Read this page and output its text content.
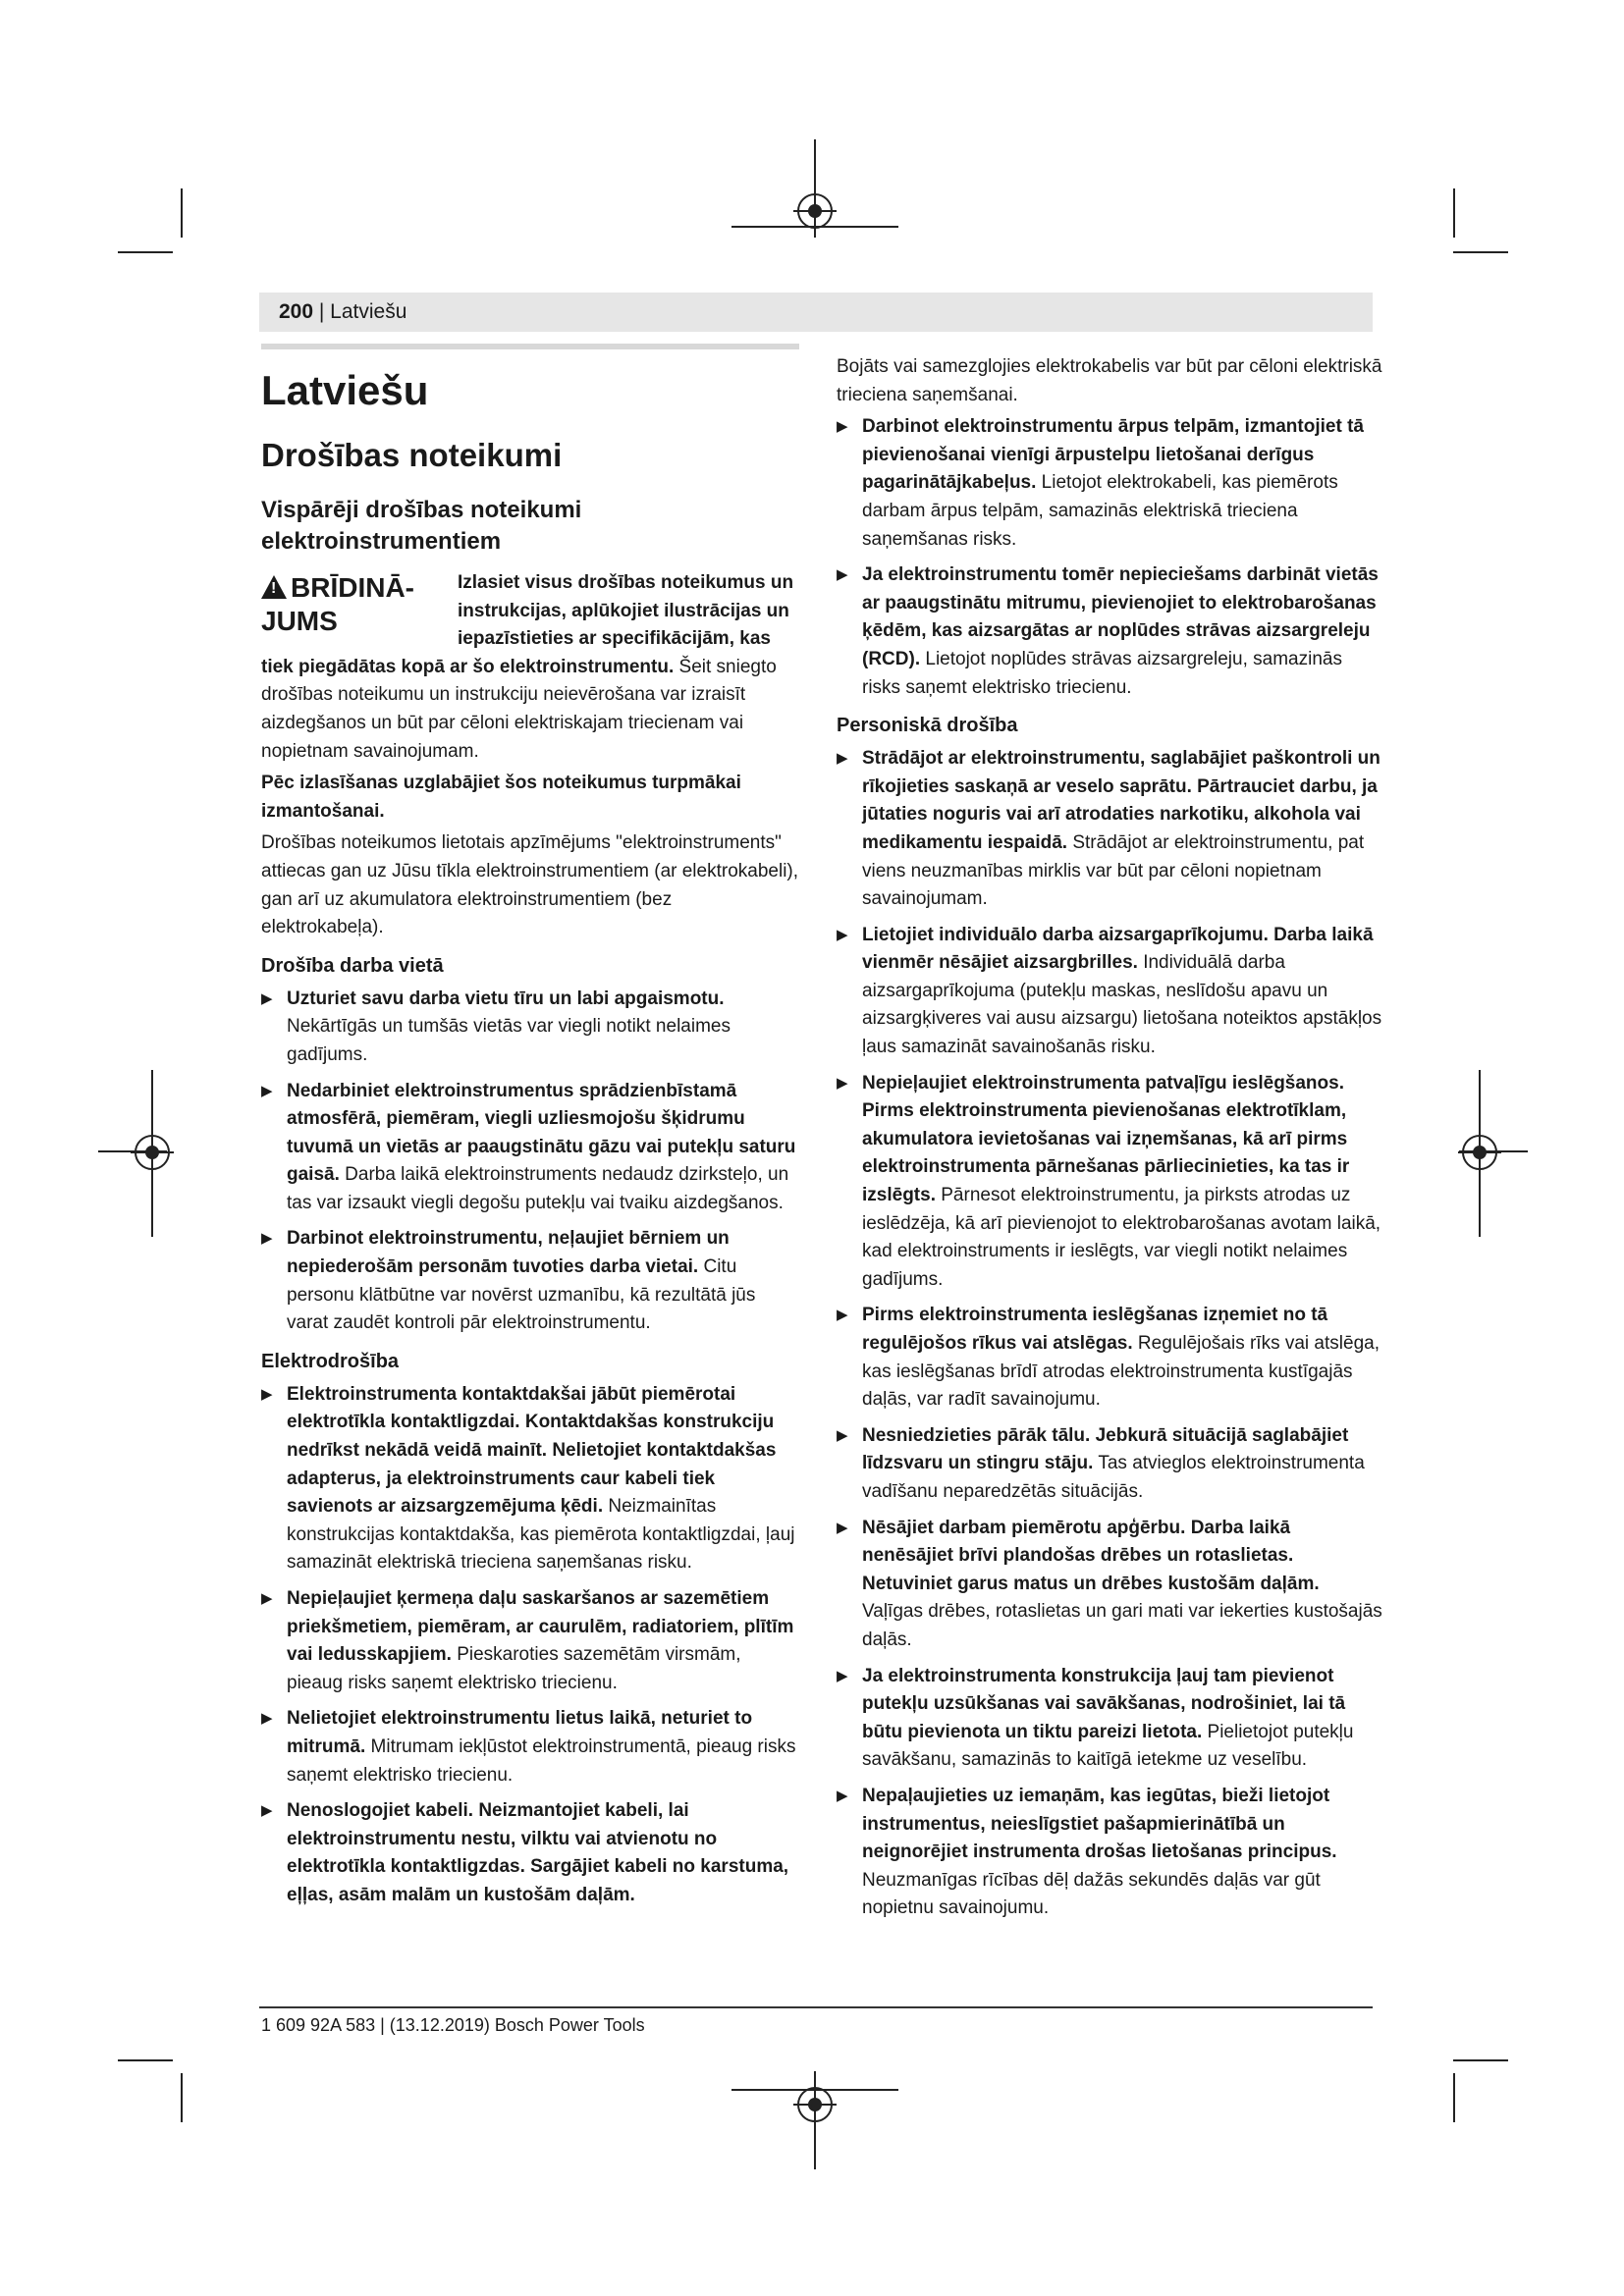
200 | Latviešu
Latviešu
Drošības noteikumi
Vispārēji drošības noteikumi elektroinstrumentiem
! BRĪDINĀ-JUMS

Izlasiet visus drošības noteikumus un instrukcijas, aplūkojiet ilustrācijas un iepazīstieties ar specifikācijām, kas tiek piegādātas kopā ar šo elektroinstrumentu. Šeit sniegto drošības noteikumu un instrukciju neievērošana var izraisīt aizdegšanos un būt par cēloni elektriskajam triecienam vai nopietnam savainojumam.

Pēc izlasīšanas uzglabājiet šos noteikumus turpmākai izmantošanai.

Drošības noteikumos lietotais apzīmējums "elektroinstruments" attiecas gan uz Jūsu tīkla elektroinstrumentiem (ar elektrokabeli), gan arī uz akumulatora elektroinstrumentiem (bez elektrokabeļa).

Drošība darba vietā
▶ Uzturiet savu darba vietu tīru un labi apgaismotu. Nekārtīgās un tumšās vietās var viegli notikt nelaimes gadījums.
▶ Nedarbiniet elektroinstrumentus sprādzienbīstamā atmosfērā, piemēram, viegli uzliesmojošu šķidrumu tuvumā un vietās ar paaugstinātu gāzu vai putekļu saturu gaisā. Darba laikā elektroinstruments nedaudz dzirksteļo, un tas var izsaukt viegli degošu putekļu vai tvaiku aizdegšanos.
▶ Darbinot elektroinstrumentu, neļaujiet bērniem un nepiederošām personām tuvoties darba vietai. Citu personu klātbūtne var novērst uzmanību, kā rezultātā jūs varat zaudēt kontroli pār elektroinstrumentu.
Elektrodrošība
▶ Elektroinstrumenta kontaktdakšai jābūt piemērotai elektrotīkla kontaktligzdai. Kontaktdakšas konstrukciju nedrīkst nekādā veidā mainīt. Nelietojiet kontaktdakšas adapterus, ja elektroinstruments caur kabeli tiek savienots ar aizsargzemējuma ķēdi. Neizmainītas konstrukcijas kontaktdakša, kas piemērota kontaktligzdai, ļauj samazināt elektriskā trieciena saņemšanas risku.
▶ Nepieļaujiet ķermeņa daļu saskaršanos ar sazemētiem priekšmetiem, piemēram, ar caurulēm, radiatoriem, plītīm vai ledusskapjiem. Pieskaroties sazemētām virsmām, pieaug risks saņemt elektrisko triecienu.
▶ Nelietojiet elektroinstrumentu lietus laikā, neturiet to mitrumā. Mitrumam iekļūstot elektroinstrumentā, pieaug risks saņemt elektrisko triecienu.
▶ Nenoslogojiet kabeli. Neizmantojiet kabeli, lai elektroinstrumentu nestu, vilktu vai atvienotu no elektrotīkla kontaktligzdas. Sargājiet kabeli no karstuma, eļļas, asām malām un kustošām daļām.

Bojāts vai samezglojies elektrokabelis var būt par cēloni elektriskā trieciena saņemšanai.

▶ Darbinot elektroinstrumentu ārpus telpām, izmantojiet tā pievienošanai vienīgi ārpustelpu lietošanai derīgus pagarinātājkabeļus. Lietojot elektrokabeli, kas piemērots darbam ārpus telpām, samazinās elektriskā trieciena saņemšanas risks.
▶ Ja elektroinstrumentu tomēr nepieciešams darbināt vietās ar paaugstinātu mitrumu, pievienojiet to elektrobarošanas ķēdēm, kas aizsargātas ar noplūdes strāvas aizsargreleju (RCD). Lietojot noplūdes strāvas aizsargreleju, samazinās risks saņemt elektrisko triecienu.
Personiskā drošība
▶ Strādājot ar elektroinstrumentu, saglabājiet paškontroli un rīkojieties saskaņā ar veselo saprātu. Pārtrauciet darbu, ja jūtaties noguris vai arī atrodaties narkotiku, alkohola vai medikamentu iespaidā. Strādājot ar elektroinstrumentu, pat viens neuzmanības mirklis var būt par cēloni nopietnam savainojumam.
▶ Lietojiet individuālo darba aizsargaprīkojumu. Darba laikā vienmēr nēsājiet aizsargbrilles. Individuālā darba aizsargaprīkojuma (putekļu maskas, neslīdošu apavu un aizsargķiveres vai ausu aizsargu) lietošana noteiktos apstākļos ļaus samazināt savainošanās risku.
▶ Nepieļaujiet elektroinstrumenta patvaļīgu ieslēgšanos. Pirms elektroinstrumenta pievienošanas elektrotīklam, akumulatora ievietošanas vai izņemšanas, kā arī pirms elektroinstrumenta pārnešanas pārliecinieties, ka tas ir izslēgts. Pārnesot elektroinstrumentu, ja pirksts atrodas uz ieslēdzēja, kā arī pievienojot to elektrobarošanas avotam laikā, kad elektroinstruments ir ieslēgts, var viegli notikt nelaimes gadījums.
▶ Pirms elektroinstrumenta ieslēgšanas izņemiet no tā regulējošos rīkus vai atslēgas. Regulējošais rīks vai atslēga, kas ieslēgšanas brīdī atrodas elektroinstrumenta kustīgajās daļās, var radīt savainojumu.
▶ Nesniedzieties pārāk tālu. Jebkurā situācijā saglabājiet līdzsvaru un stingru stāju. Tas atvieglos elektroinstrumenta vadīšanu neparedzētās situācijās.
▶ Nēsājiet darbam piemērotu apģērbu. Darba laikā nenēsājiet brīvi plandošas drēbes un rotaslietas. Netuviniet garus matus un drēbes kustošām daļām. Vaļīgas drēbes, rotaslietas un gari mati var iekerties kustošajās daļās.
▶ Ja elektroinstrumenta konstrukcija ļauj tam pievienot putekļu uzsūkšanas vai savākšanas, nodrošiniet, lai tā būtu pievienota un tiktu pareizi lietota. Pielietojot putekļu savākšanu, samazinās to kaitīgā ietekme uz veselību.
▶ Nepaļaujieties uz iemaņām, kas iegūtas, bieži lietojot instrumentus, neieslīgstiet pašapmierinātībā un neignorējiet instrumenta drošas lietošanas principus. Neuzmanīgas rīcības dēļ dažās sekundēs daļās var gūt nopietnu savainojumu.
1 609 92A 583 | (13.12.2019) Bosch Power Tools
